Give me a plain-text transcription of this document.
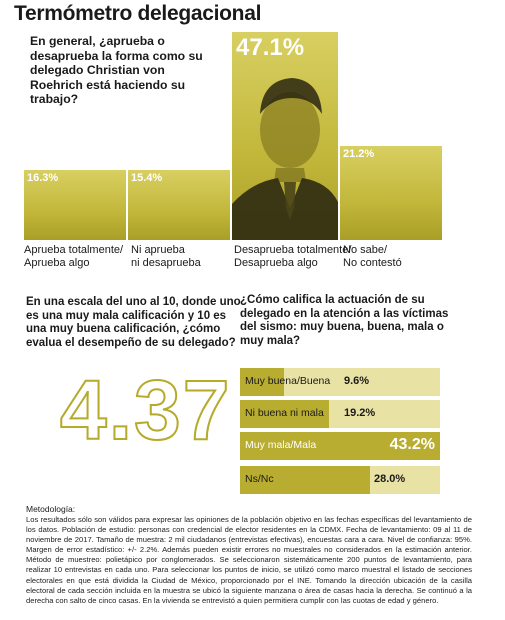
Termómetro delegacional
En general, ¿aprueba o desaprueba la forma como su delegado Christian von Roehrich está haciendo su trabajo?
16.3%	15.4%
47.1%
21.2%
Aprueba totalmente/
Aprueba algo
Ni aprueba
ni desaprueba
Desaprueba totalmente/
Desaprueba algo
No sabe/
No contestó
En una escala del uno al 10, donde uno es una muy mala calificación y 10 es una muy buena calificación, ¿cómo evalua el desempeño de su delegado?
4.37
¿Cómo califica la actuación de su delegado en la atención a las víctimas del sismo: muy buena, buena, mala o muy mala?
Muy buena/Buena 9.6%
Ni buena ni mala 19.2%
Muy mala/Mala	43.2%
Ns/Nc	28.0%
Metodología:
Los resultados sólo son válidos para expresar las opiniones de la población objetivo en las fechas específicas del levantamiento de los datos. Población de estudio: personas con credencial de elector residentes en la CDMX. Fecha de levantamiento: 09 al 11 de noviembre de 2017. Tamaño de muestra: 2 mil ciudadanos (entrevistas efectivas), encuestas cara a cara. Nivel de confianza: 95%. Margen de error estadístico: +/- 2.2%. Además pueden existir errores no muestrales no considerados en la estimación anterior. Método de muestreo: polietápico por conglomerados. Se seleccionaron sistemáticamente 200 puntos de levantamiento, para realizar 10 entrevistas en cada uno. Para seleccionar los puntos de inicio, se utilizó como marco muestral el listado de secciones electorales en que está dividida la Ciudad de México, proporcionado por el INE. Tomando la dirección ubicación de la casilla electoral de cada sección incluida en la muestra se ubicó la siguiente manzana o área de casas hacia la derecha. Se continuó a la derecha con salto de cinco casas. En la vivienda se entrevistó a quien permitiera cumplir con las cuotas de edad y género.
